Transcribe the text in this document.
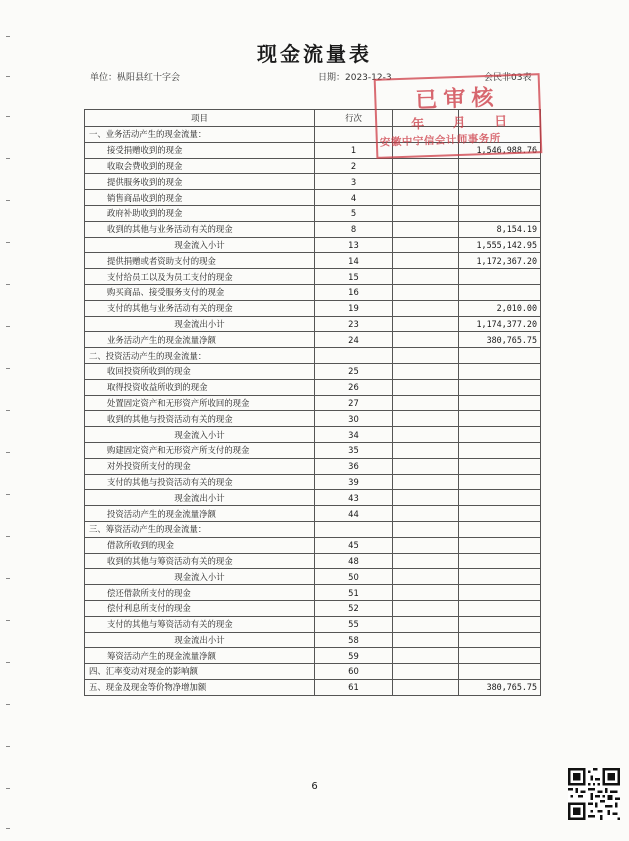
现金流量表
单位：枞阳县红十字会	日期：2023-12-3	会民非03表
项目	行次		
一、业务活动产生的现金流量：			
接受捐赠收到的现金	1		1,546,988.76
收取会费收到的现金	2		
提供服务收到的现金	3		
销售商品收到的现金	4		
政府补助收到的现金	5		
收到的其他与业务活动有关的现金	8		8,154.19
现金流入小计	13		1,555,142.95
提供捐赠或者资助支付的现金	14		1,172,367.20
支付给员工以及为员工支付的现金	15		
购买商品、接受服务支付的现金	16		
支付的其他与业务活动有关的现金	19		2,010.00
现金流出小计	23		1,174,377.20
业务活动产生的现金流量净额	24		380,765.75
二、投资活动产生的现金流量：			
收回投资所收到的现金	25		
取得投资收益所收到的现金	26		
处置固定资产和无形资产所收回的现金	27		
收到的其他与投资活动有关的现金	30		
现金流入小计	34		
购建固定资产和无形资产所支付的现金	35		
对外投资所支付的现金	36		
支付的其他与投资活动有关的现金	39		
现金流出小计	43		
投资活动产生的现金流量净额	44		
三、筹资活动产生的现金流量：			
借款所收到的现金	45		
收到的其他与筹资活动有关的现金	48		
现金流入小计	50		
偿还借款所支付的现金	51		
偿付利息所支付的现金	52		
支付的其他与筹资活动有关的现金	55		
现金流出小计	58		
筹资活动产生的现金流量净额	59		
四、汇率变动对现金的影响额	60		
五、现金及现金等价物净增加额	61		380,765.75
已审核
年 月 日
安徽中宁信会计师事务所
6
